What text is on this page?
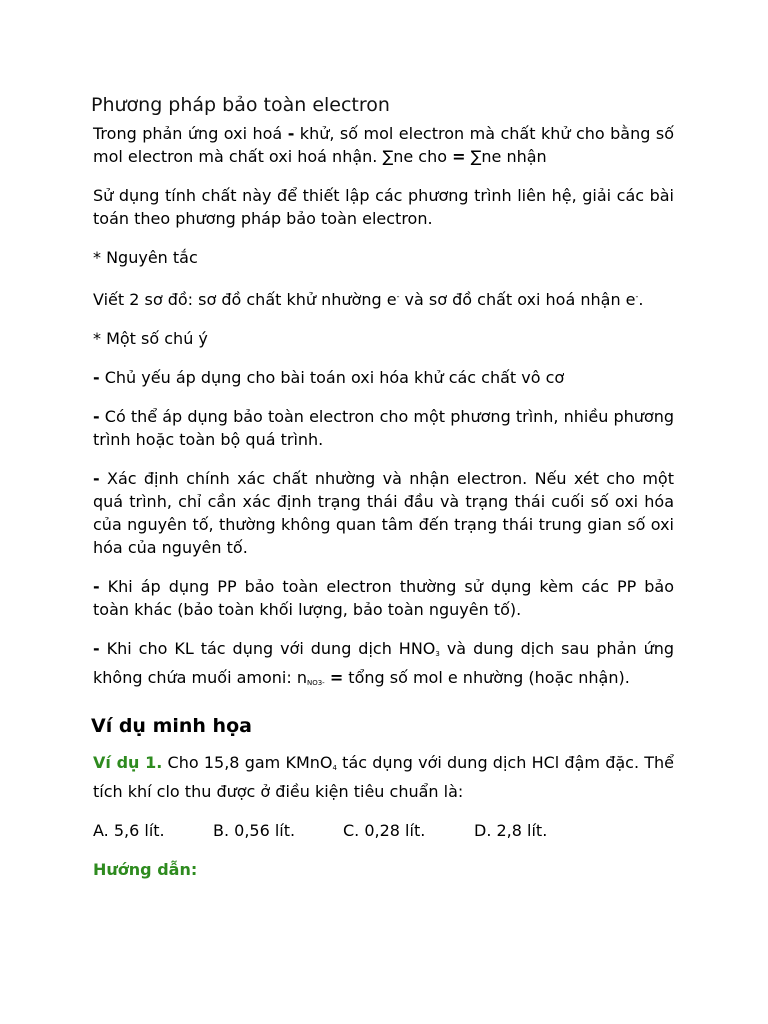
Phương pháp bảo toàn electron

Trong phản ứng oxi hoá - khử, số mol electron mà chất khử cho bằng số mol electron mà chất oxi hoá nhận. ∑ne cho = ∑ne nhận

Sử dụng tính chất này để thiết lập các phương trình liên hệ, giải các bài toán theo phương pháp bảo toàn electron.

* Nguyên tắc

Viết 2 sơ đồ: sơ đồ chất khử nhường e- và sơ đồ chất oxi hoá nhận e-.

* Một số chú ý

- Chủ yếu áp dụng cho bài toán oxi hóa khử các chất vô cơ

- Có thể áp dụng bảo toàn electron cho một phương trình, nhiều phương trình hoặc toàn bộ quá trình.

- Xác định chính xác chất nhường và nhận electron. Nếu xét cho một quá trình, chỉ cần xác định trạng thái đầu và trạng thái cuối số oxi hóa của nguyên tố, thường không quan tâm đến trạng thái trung gian số oxi hóa của nguyên tố.

- Khi áp dụng PP bảo toàn electron thường sử dụng kèm các PP bảo toàn khác (bảo toàn khối lượng, bảo toàn nguyên tố).

- Khi cho KL tác dụng với dung dịch $HNO_3$ và dung dịch sau phản ứng không chứa muối amoni: $n_{NO3-}$ = tổng số mol e nhường (hoặc nhận).

Ví dụ minh họa

Ví dụ 1. Cho 15,8 gam KMnO$_4$ tác dụng với dung dịch HCl đậm đặc. Thể tích khí clo thu được ở điều kiện tiêu chuẩn là:

A. 5,6 lít.	B. 0,56 lít.	C. 0,28 lít.	D. 2,8 lít.

Hướng dẫn:
